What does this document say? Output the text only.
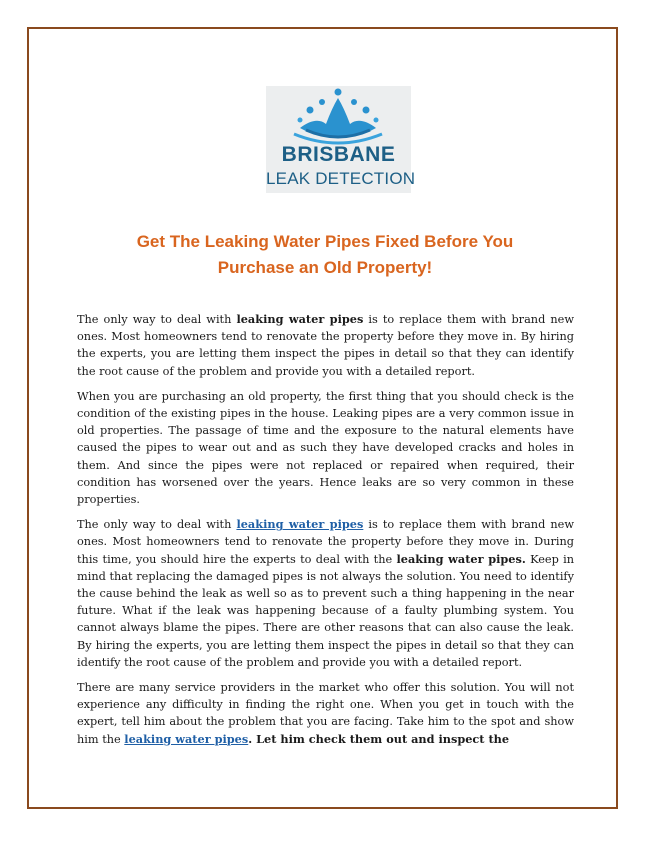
BRISBANE
LEAK DETECTION
Get The Leaking Water Pipes Fixed Before You
Purchase an Old Property!

The only way to deal with leaking water pipes is to replace them with brand new ones. Most homeowners tend to renovate the property before they move in. By hiring the experts, you are letting them inspect the pipes in detail so that they can identify the root cause of the problem and provide you with a detailed report.

When you are purchasing an old property, the first thing that you should check is the condition of the existing pipes in the house. Leaking pipes are a very common issue in old properties. The passage of time and the exposure to the natural elements have caused the pipes to wear out and as such they have developed cracks and holes in them. And since the pipes were not replaced or repaired when required, their condition has worsened over the years. Hence leaks are so very common in these properties.

The only way to deal with leaking water pipes is to replace them with brand new ones. Most homeowners tend to renovate the property before they move in. During this time, you should hire the experts to deal with the leaking water pipes. Keep in mind that replacing the damaged pipes is not always the solution. You need to identify the cause behind the leak as well so as to prevent such a thing happening in the near future. What if the leak was happening because of a faulty plumbing system. You cannot always blame the pipes. There are other reasons that can also cause the leak. By hiring the experts, you are letting them inspect the pipes in detail so that they can identify the root cause of the problem and provide you with a detailed report.

There are many service providers in the market who offer this solution. You will not experience any difficulty in finding the right one. When you get in touch with the expert, tell him about the problem that you are facing. Take him to the spot and show him the leaking water pipes. Let him check them out and inspect the
